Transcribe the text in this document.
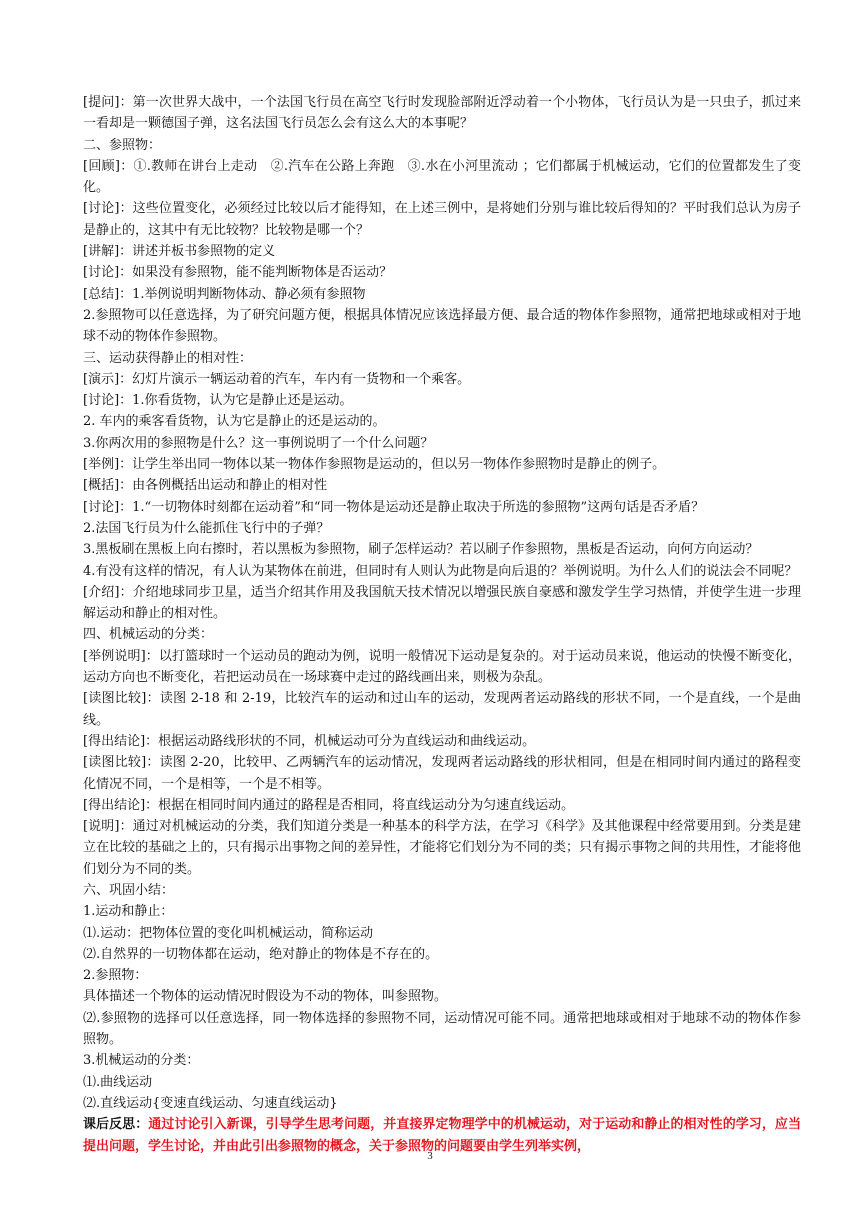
[提问]：第一次世界大战中，一个法国飞行员在高空飞行时发现脸部附近浮动着一个小物体，飞行员认为是一只虫子，抓过来一看却是一颗德国子弹，这名法国飞行员怎么会有这么大的本事呢？

二、参照物：

[回顾]：①.教师在讲台上走动　②.汽车在公路上奔跑　③.水在小河里流动 ；它们都属于机械运动，它们的位置都发生了变化。

[讨论]：这些位置变化，必须经过比较以后才能得知，在上述三例中，是将她们分别与谁比较后得知的？平时我们总认为房子是静止的，这其中有无比较物？比较物是哪一个？

[讲解]：讲述并板书参照物的定义

[讨论]：如果没有参照物，能不能判断物体是否运动？

[总结]：1.举例说明判断物体动、静必须有参照物

2.参照物可以任意选择，为了研究问题方便，根据具体情况应该选择最方便、最合适的物体作参照物，通常把地球或相对于地球不动的物体作参照物。

三、运动获得静止的相对性：

[演示]：幻灯片演示一辆运动着的汽车，车内有一货物和一个乘客。

[讨论]：1.你看货物，认为它是静止还是运动。

2. 车内的乘客看货物，认为它是静止的还是运动的。

3.你两次用的参照物是什么？这一事例说明了一个什么问题？

[举例]：让学生举出同一物体以某一物体作参照物是运动的，但以另一物体作参照物时是静止的例子。

[概括]：由各例概括出运动和静止的相对性

[讨论]：1.“一切物体时刻都在运动着”和“同一物体是运动还是静止取决于所选的参照物”这两句话是否矛盾？

2.法国飞行员为什么能抓住飞行中的子弹？

3.黑板刷在黑板上向右擦时，若以黑板为参照物，刷子怎样运动？若以刷子作参照物，黑板是否运动，向何方向运动？

4.有没有这样的情况，有人认为某物体在前进，但同时有人则认为此物是向后退的？举例说明。为什么人们的说法会不同呢？

[介绍]：介绍地球同步卫星，适当介绍其作用及我国航天技术情况以增强民族自豪感和激发学生学习热情，并使学生进一步理解运动和静止的相对性。

四、机械运动的分类：

[举例说明]：以打篮球时一个运动员的跑动为例，说明一般情况下运动是复杂的。对于运动员来说，他运动的快慢不断变化，运动方向也不断变化，若把运动员在一场球赛中走过的路线画出来，则极为杂乱。

[读图比较]：读图 2-18 和 2-19，比较汽车的运动和过山车的运动，发现两者运动路线的形状不同，一个是直线，一个是曲线。

[得出结论]：根据运动路线形状的不同，机械运动可分为直线运动和曲线运动。

[读图比较]：读图 2-20，比较甲、乙两辆汽车的运动情况，发现两者运动路线的形状相同，但是在相同时间内通过的路程变化情况不同，一个是相等，一个是不相等。

[得出结论]：根据在相同时间内通过的路程是否相同，将直线运动分为匀速直线运动。

[说明]：通过对机械运动的分类，我们知道分类是一种基本的科学方法，在学习《科学》及其他课程中经常要用到。分类是建立在比较的基础之上的，只有揭示出事物之间的差异性，才能将它们划分为不同的类；只有揭示事物之间的共用性，才能将他们划分为不同的类。

六、巩固小结：

1.运动和静止：

⑴.运动：把物体位置的变化叫机械运动，简称运动

⑵.自然界的一切物体都在运动，绝对静止的物体是不存在的。

2.参照物：

具体描述一个物体的运动情况时假设为不动的物体，叫参照物。

⑵.参照物的选择可以任意选择，同一物体选择的参照物不同，运动情况可能不同。通常把地球或相对于地球不动的物体作参照物。

3.机械运动的分类：

⑴.曲线运动

⑵.直线运动{变速直线运动、匀速直线运动}

课后反思：通过讨论引入新课，引导学生思考问题，并直接界定物理学中的机械运动，对于运动和静止的相对性的学习，应当提出问题，学生讨论，并由此引出参照物的概念，关于参照物的问题要由学生列举实例，

3
